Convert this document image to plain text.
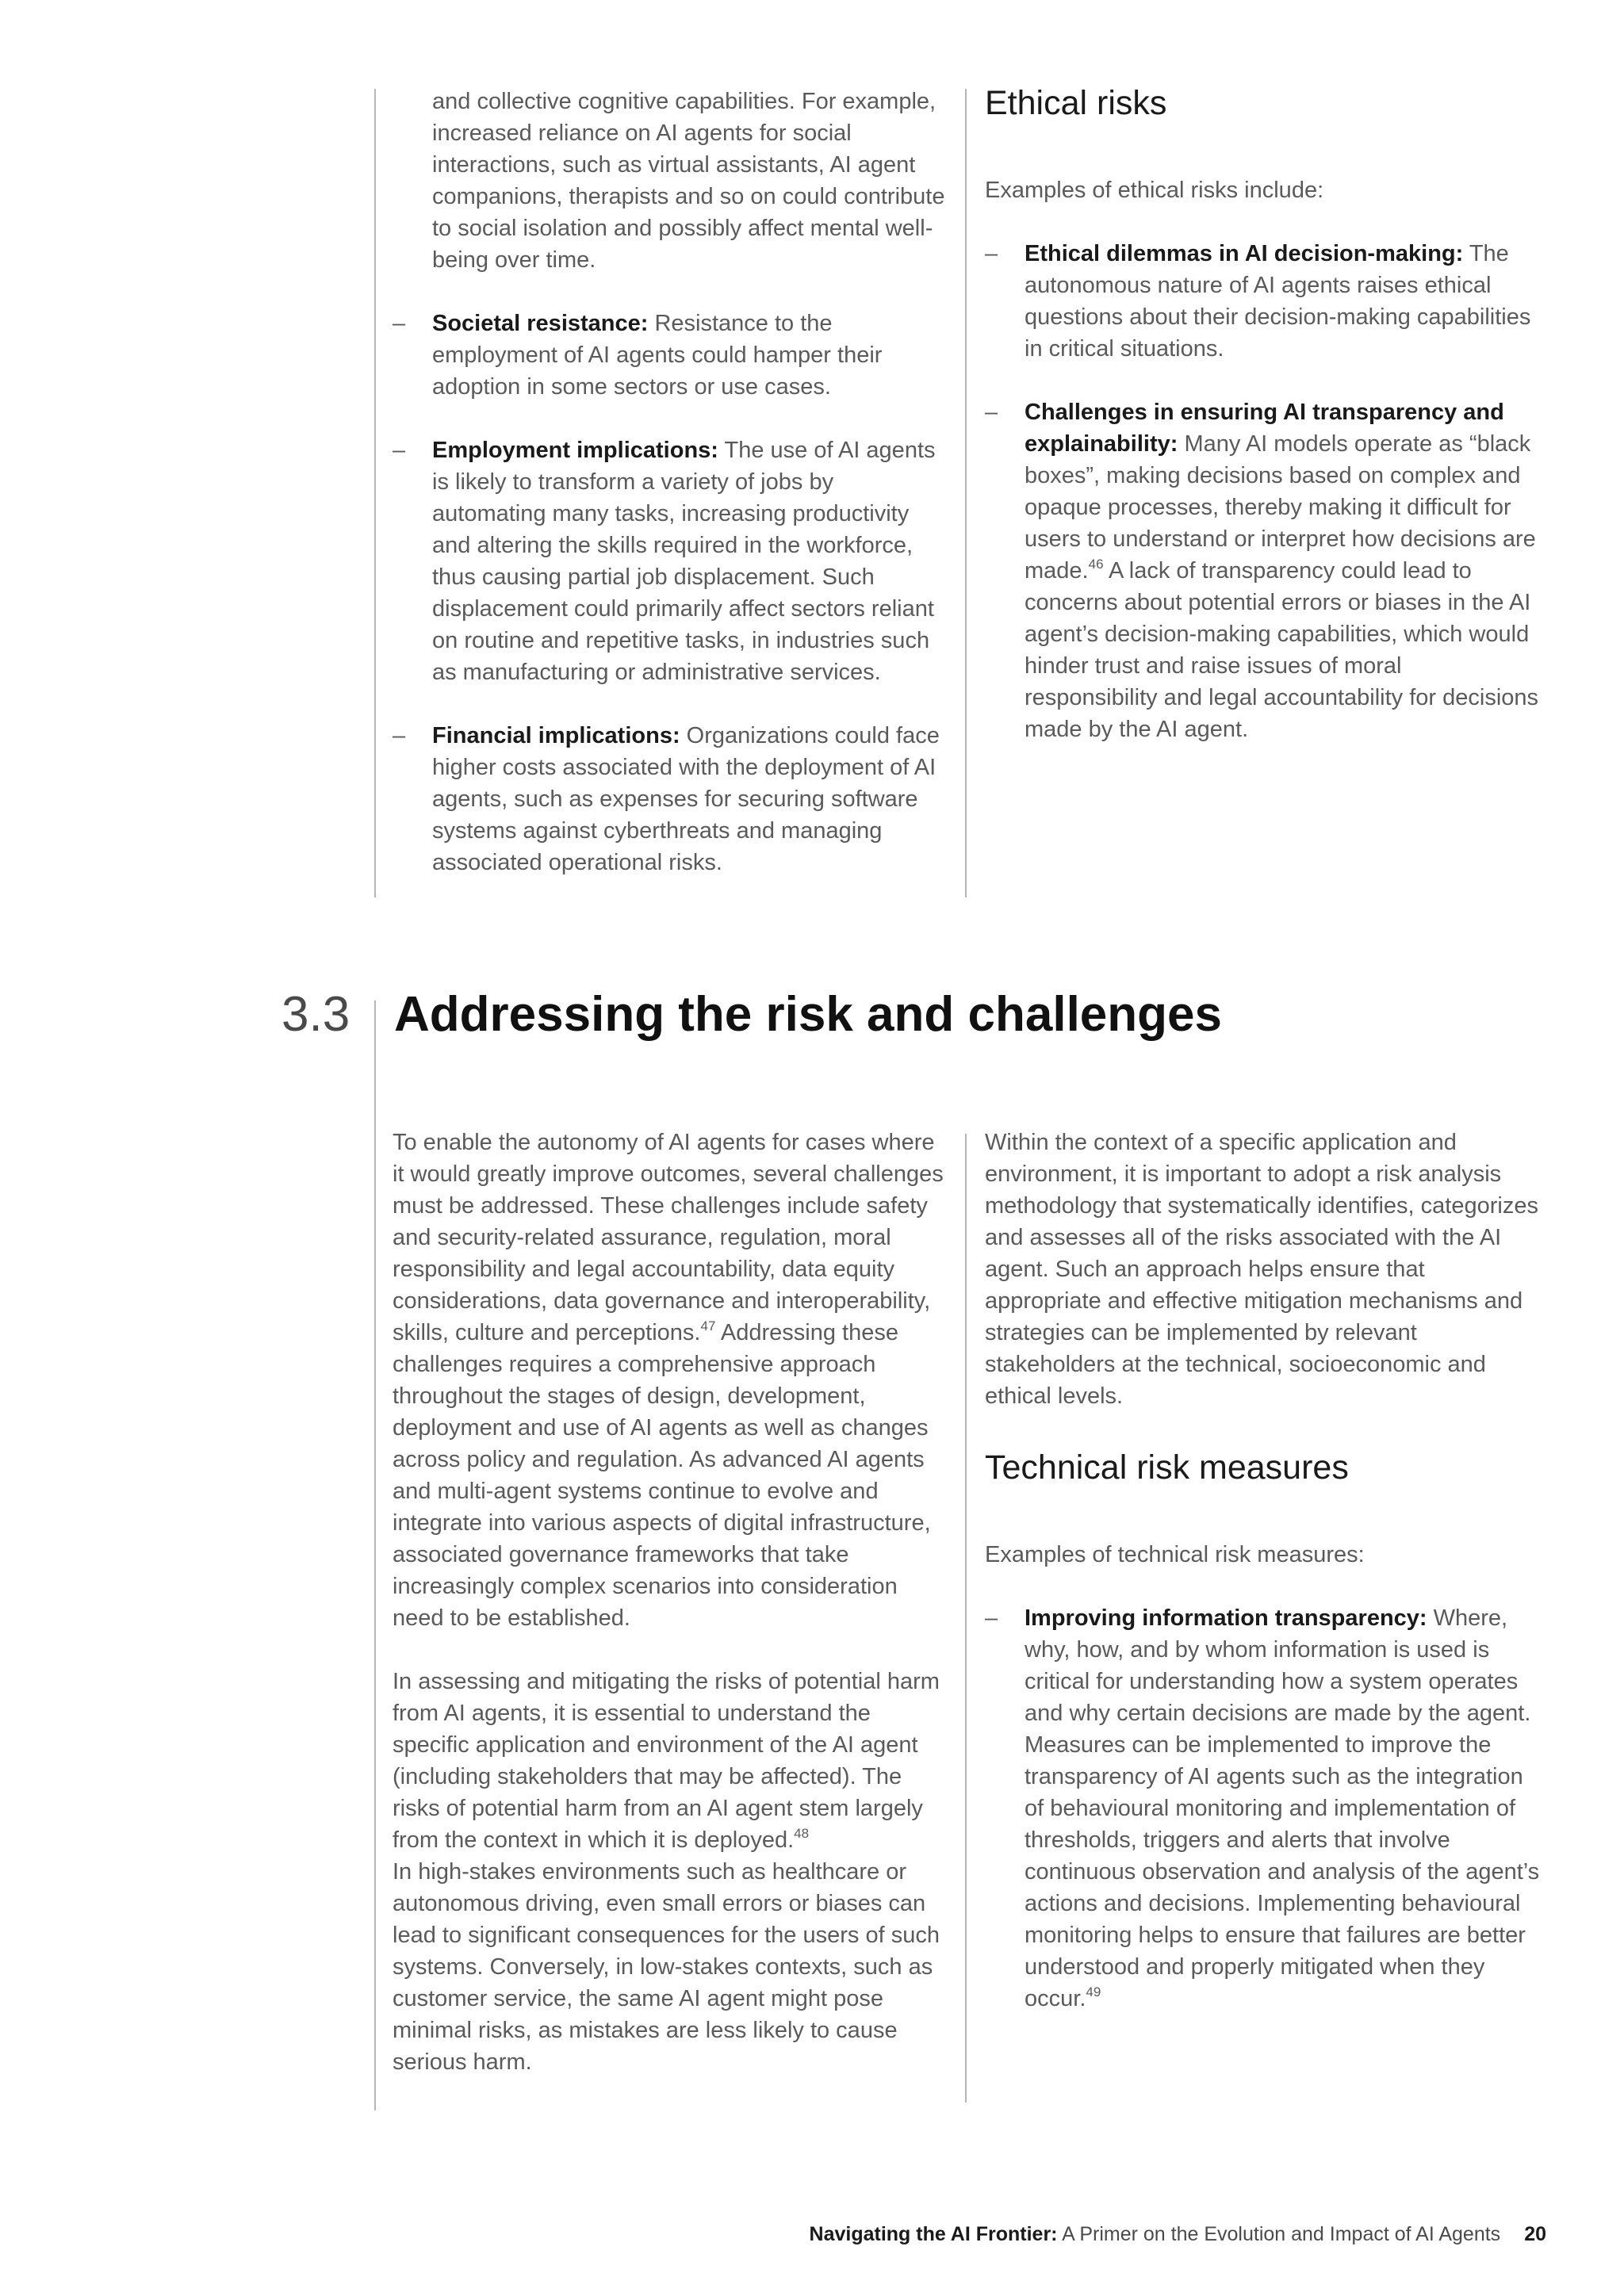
and collective cognitive capabilities. For example, increased reliance on AI agents for social interactions, such as virtual assistants, AI agent companions, therapists and so on could contribute to social isolation and possibly affect mental well-being over time.

– Societal resistance: Resistance to the employment of AI agents could hamper their adoption in some sectors or use cases.
– Employment implications: The use of AI agents is likely to transform a variety of jobs by automating many tasks, increasing productivity and altering the skills required in the workforce, thus causing partial job displacement. Such displacement could primarily affect sectors reliant on routine and repetitive tasks, in industries such as manufacturing or administrative services.
– Financial implications: Organizations could face higher costs associated with the deployment of AI agents, such as expenses for securing software systems against cyberthreats and managing associated operational risks.
Ethical risks

Examples of ethical risks include:

– Ethical dilemmas in AI decision-making: The autonomous nature of AI agents raises ethical questions about their decision-making capabilities in critical situations.
– Challenges in ensuring AI transparency and explainability: Many AI models operate as “black boxes”, making decisions based on complex and opaque processes, thereby making it difficult for users to understand or interpret how decisions are made.$^{46}$ A lack of transparency could lead to concerns about potential errors or biases in the AI agent’s decision-making capabilities, which would hinder trust and raise issues of moral responsibility and legal accountability for decisions made by the AI agent.
3.3 Addressing the risk and challenges

To enable the autonomy of AI agents for cases where it would greatly improve outcomes, several challenges must be addressed. These challenges include safety and security-related assurance, regulation, moral responsibility and legal accountability, data equity considerations, data governance and interoperability, skills, culture and perceptions.$^{47}$ Addressing these challenges requires a comprehensive approach throughout the stages of design, development, deployment and use of AI agents as well as changes across policy and regulation. As advanced AI agents and multi-agent systems continue to evolve and integrate into various aspects of digital infrastructure, associated governance frameworks that take increasingly complex scenarios into consideration need to be established.

In assessing and mitigating the risks of potential harm from AI agents, it is essential to understand the specific application and environment of the AI agent (including stakeholders that may be affected). The risks of potential harm from an AI agent stem largely from the context in which it is deployed.$^{48}$
In high-stakes environments such as healthcare or autonomous driving, even small errors or biases can lead to significant consequences for the users of such systems. Conversely, in low-stakes contexts, such as customer service, the same AI agent might pose minimal risks, as mistakes are less likely to cause serious harm.

Within the context of a specific application and environment, it is important to adopt a risk analysis methodology that systematically identifies, categorizes and assesses all of the risks associated with the AI agent. Such an approach helps ensure that appropriate and effective mitigation mechanisms and strategies can be implemented by relevant stakeholders at the technical, socioeconomic and ethical levels.

Technical risk measures

Examples of technical risk measures:

– Improving information transparency: Where, why, how, and by whom information is used is critical for understanding how a system operates and why certain decisions are made by the agent. Measures can be implemented to improve the transparency of AI agents such as the integration of behavioural monitoring and implementation of thresholds, triggers and alerts that involve continuous observation and analysis of the agent’s actions and decisions. Implementing behavioural monitoring helps to ensure that failures are better understood and properly mitigated when they occur.$^{49}$
Navigating the AI Frontier: A Primer on the Evolution and Impact of AI Agents 20
